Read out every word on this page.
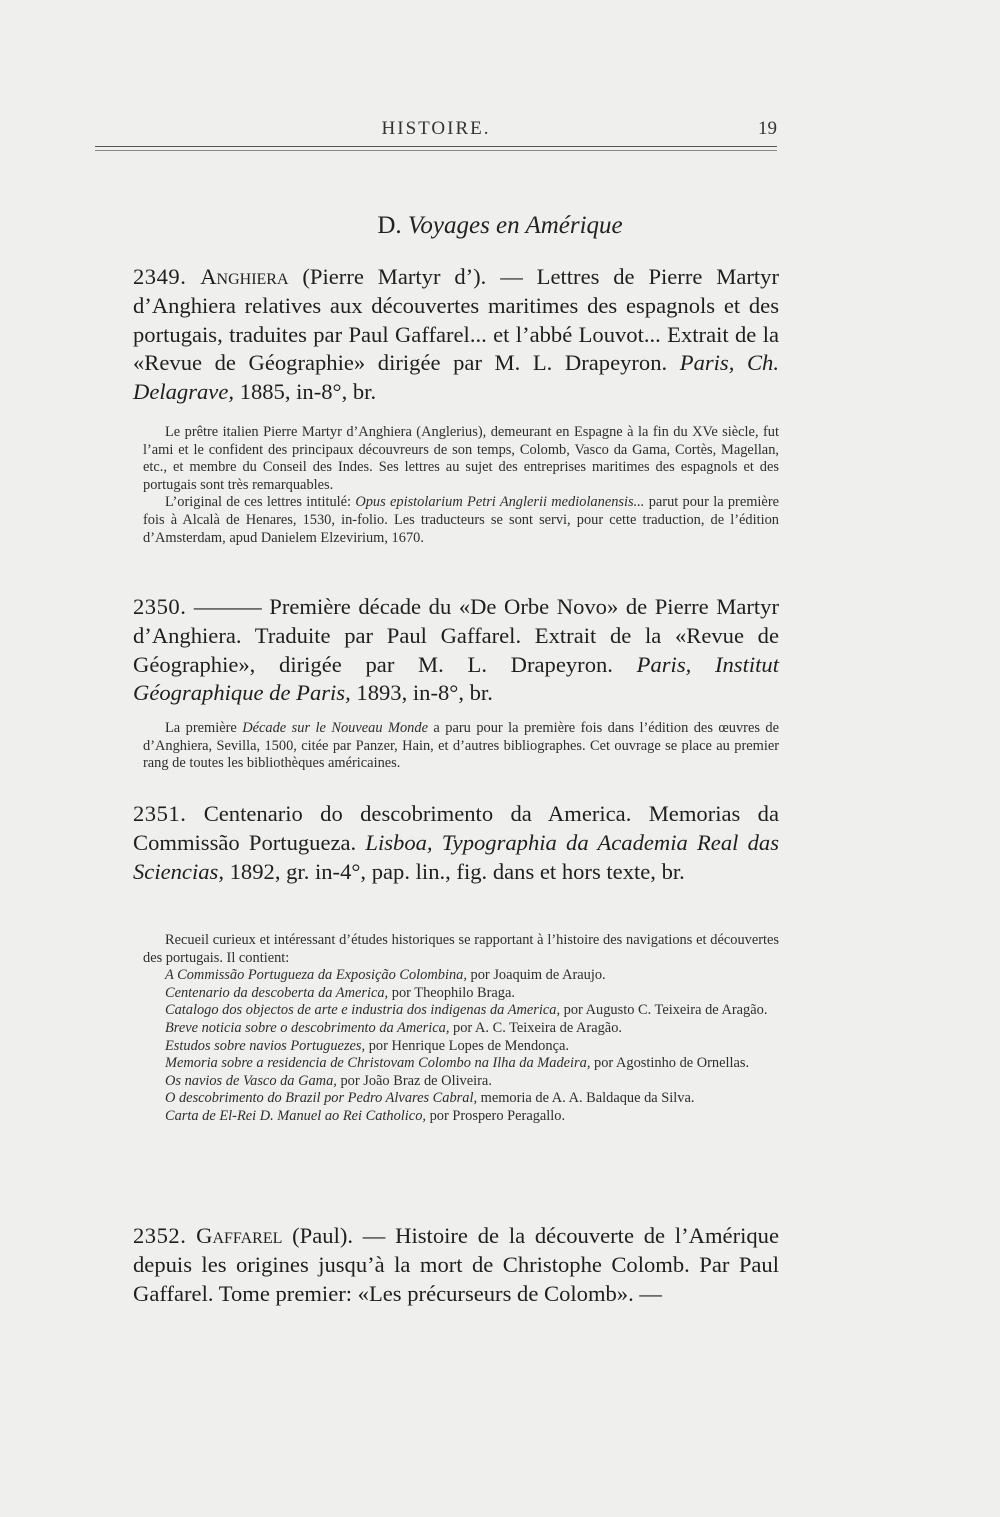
HISTOIRE.	19
D. Voyages en Amérique
2349. Anghiera (Pierre Martyr d’). — Lettres de Pierre Martyr d’Anghiera relatives aux découvertes maritimes des espagnols et des portugais, traduites par Paul Gaffarel... et l’abbé Louvot... Extrait de la «Revue de Géographie» dirigée par M. L. Drapeyron. Paris, Ch. Delagrave, 1885, in-8°, br.

Le prêtre italien Pierre Martyr d’Anghiera (Anglerius), demeurant en Espagne à la fin du XVe siècle, fut l’ami et le confident des principaux découvreurs de son temps, Colomb, Vasco da Gama, Cortès, Magellan, etc., et membre du Conseil des Indes. Ses lettres au sujet des entreprises maritimes des espagnols et des portugais sont très remarquables.

L’original de ces lettres intitulé: Opus epistolarium Petri Anglerii mediolanensis... parut pour la première fois à Alcalà de Henares, 1530, in-folio. Les traducteurs se sont servi, pour cette traduction, de l’édition d’Amsterdam, apud Danielem Elzevirium, 1670.

2350. ——— Première décade du «De Orbe Novo» de Pierre Martyr d’Anghiera. Traduite par Paul Gaffarel. Extrait de la «Revue de Géographie», dirigée par M. L. Drapeyron. Paris, Institut Géographique de Paris, 1893, in-8°, br.

La première Décade sur le Nouveau Monde a paru pour la première fois dans l’édition des œuvres de d’Anghiera, Sevilla, 1500, citée par Panzer, Hain, et d’autres bibliographes. Cet ouvrage se place au premier rang de toutes les bibliothèques américaines.

2351. Centenario do descobrimento da America. Memorias da Commissão Portugueza. Lisboa, Typographia da Academia Real das Sciencias, 1892, gr. in-4°, pap. lin., fig. dans et hors texte, br.

Recueil curieux et intéressant d’études historiques se rapportant à l’histoire des navigations et découvertes des portugais. Il contient:

A Commissão Portugueza da Exposição Colombina, por Joaquim de Araujo.

Centenario da descoberta da America, por Theophilo Braga.

Catalogo dos objectos de arte e industria dos indigenas da America, por Augusto C. Teixeira de Aragão.

Breve noticia sobre o descobrimento da America, por A. C. Teixeira de Aragão.

Estudos sobre navios Portuguezes, por Henrique Lopes de Mendonça.

Memoria sobre a residencia de Christovam Colombo na Ilha da Madeira, por Agostinho de Ornellas.

Os navios de Vasco da Gama, por João Braz de Oliveira.

O descobrimento do Brazil por Pedro Alvares Cabral, memoria de A. A. Baldaque da Silva.

Carta de El-Rei D. Manuel ao Rei Catholico, por Prospero Peragallo.

2352. Gaffarel (Paul). — Histoire de la découverte de l’Amérique depuis les origines jusqu’à la mort de Christophe Colomb. Par Paul Gaffarel. Tome premier: «Les précurseurs de Colomb». —
